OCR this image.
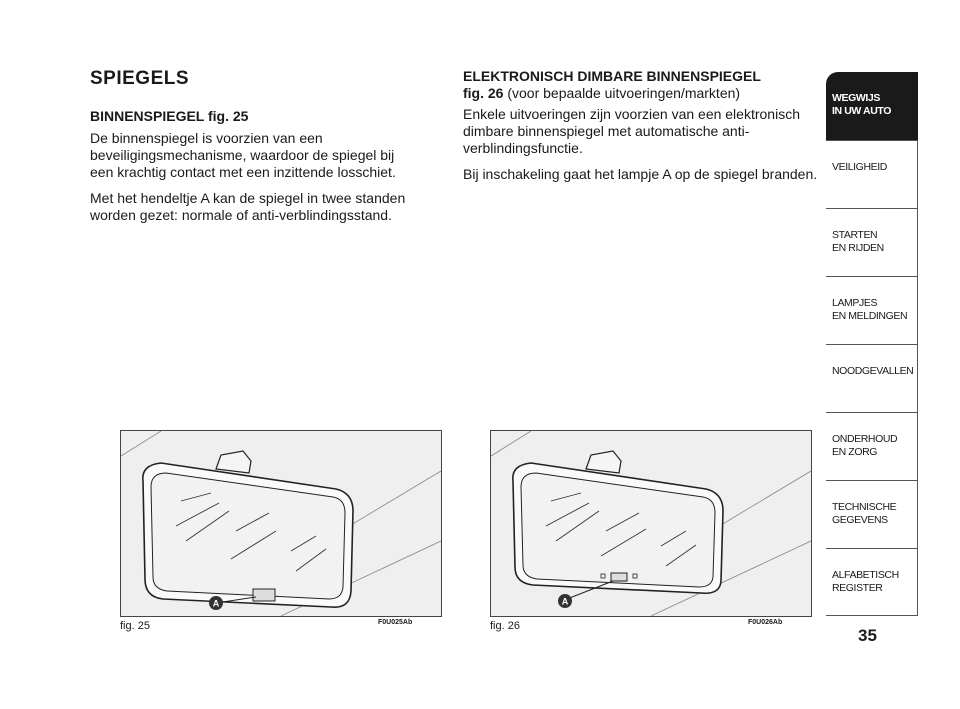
SPIEGELS
BINNENSPIEGEL fig. 25

De binnenspiegel is voorzien van een beveiligingsmechanisme, waardoor de spiegel bij een krachtig contact met een inzittende losschiet.

Met het hendeltje A kan de spiegel in twee standen worden gezet: normale of anti-verblindingsstand.

ELEKTRONISCH DIMBARE BINNENSPIEGEL
fig. 26 (voor bepaalde uitvoeringen/markten)

Enkele uitvoeringen zijn voorzien van een elektronisch dimbare binnenspiegel met automatische anti-verblindingsfunctie.

Bij inschakeling gaat het lampje A op de spiegel branden.

A
fig. 25	F0U025Ab
A
fig. 26	F0U026Ab
WEGWIJS
IN UW AUTO
VEILIGHEID
STARTEN
EN RIJDEN
LAMPJES
EN MELDINGEN
NOODGEVALLEN
ONDERHOUD
EN ZORG
TECHNISCHE
GEGEVENS
ALFABETISCH
REGISTER
35
